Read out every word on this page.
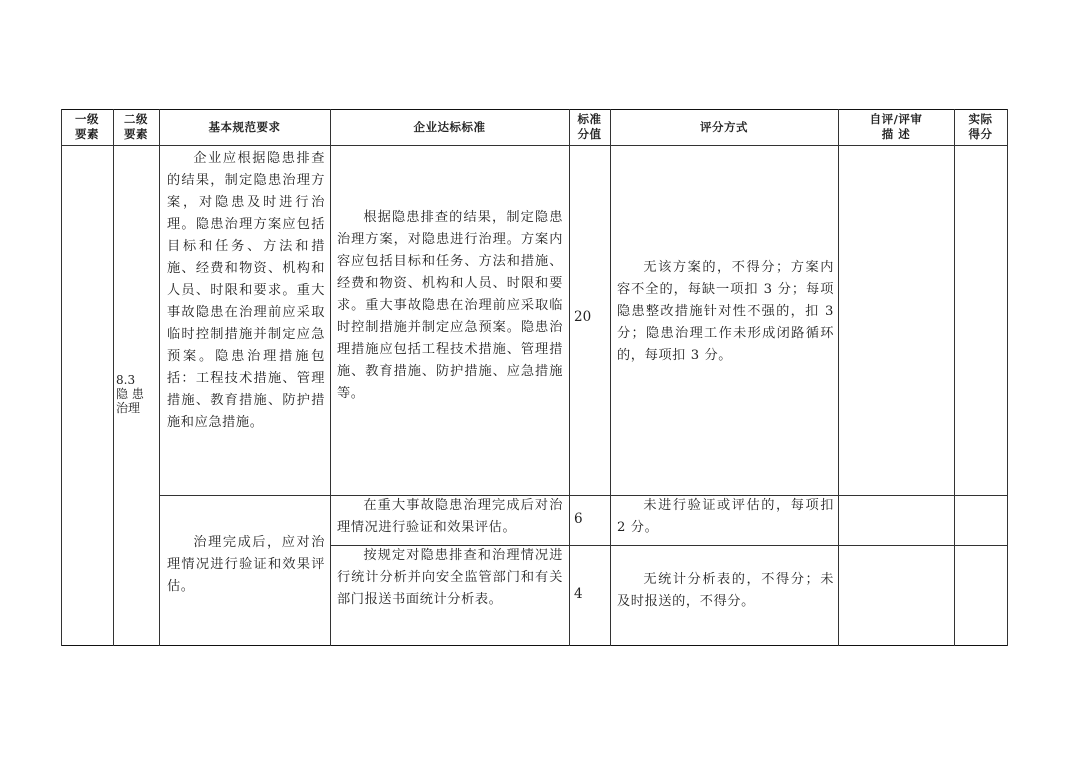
一级
要素
二级
要素
基本规范要求	企业达标标准
标准
分值
评分方式
自评/评审
描 述
实际
得分
8.3
隐 患
治理
企业应根据隐患排查的结果，制定隐患治理方案，对隐患及时进行治理。隐患治理方案应包括目标和任务、方法和措施、经费和物资、机构和人员、时限和要求。重大事故隐患在治理前应采取临时控制措施并制定应急预案。隐患治理措施包括：工程技术措施、管理措施、教育措施、防护措施和应急措施。
根据隐患排查的结果，制定隐患治理方案，对隐患进行治理。方案内容应包括目标和任务、方法和措施、经费和物资、机构和人员、时限和要求。重大事故隐患在治理前应采取临时控制措施并制定应急预案。隐患治理措施应包括工程技术措施、管理措施、教育措施、防护措施、应急措施等。
20
无该方案的，不得分；方案内容不全的，每缺一项扣 3 分；每项隐患整改措施针对性不强的，扣 3 分；隐患治理工作未形成闭路循环的，每项扣 3 分。
治理完成后，应对治理情况进行验证和效果评估。
在重大事故隐患治理完成后对治理情况进行验证和效果评估。
6
未进行验证或评估的，每项扣 2 分。
按规定对隐患排查和治理情况进行统计分析并向安全监管部门和有关部门报送书面统计分析表。	4
无统计分析表的，不得分；未及时报送的，不得分。
